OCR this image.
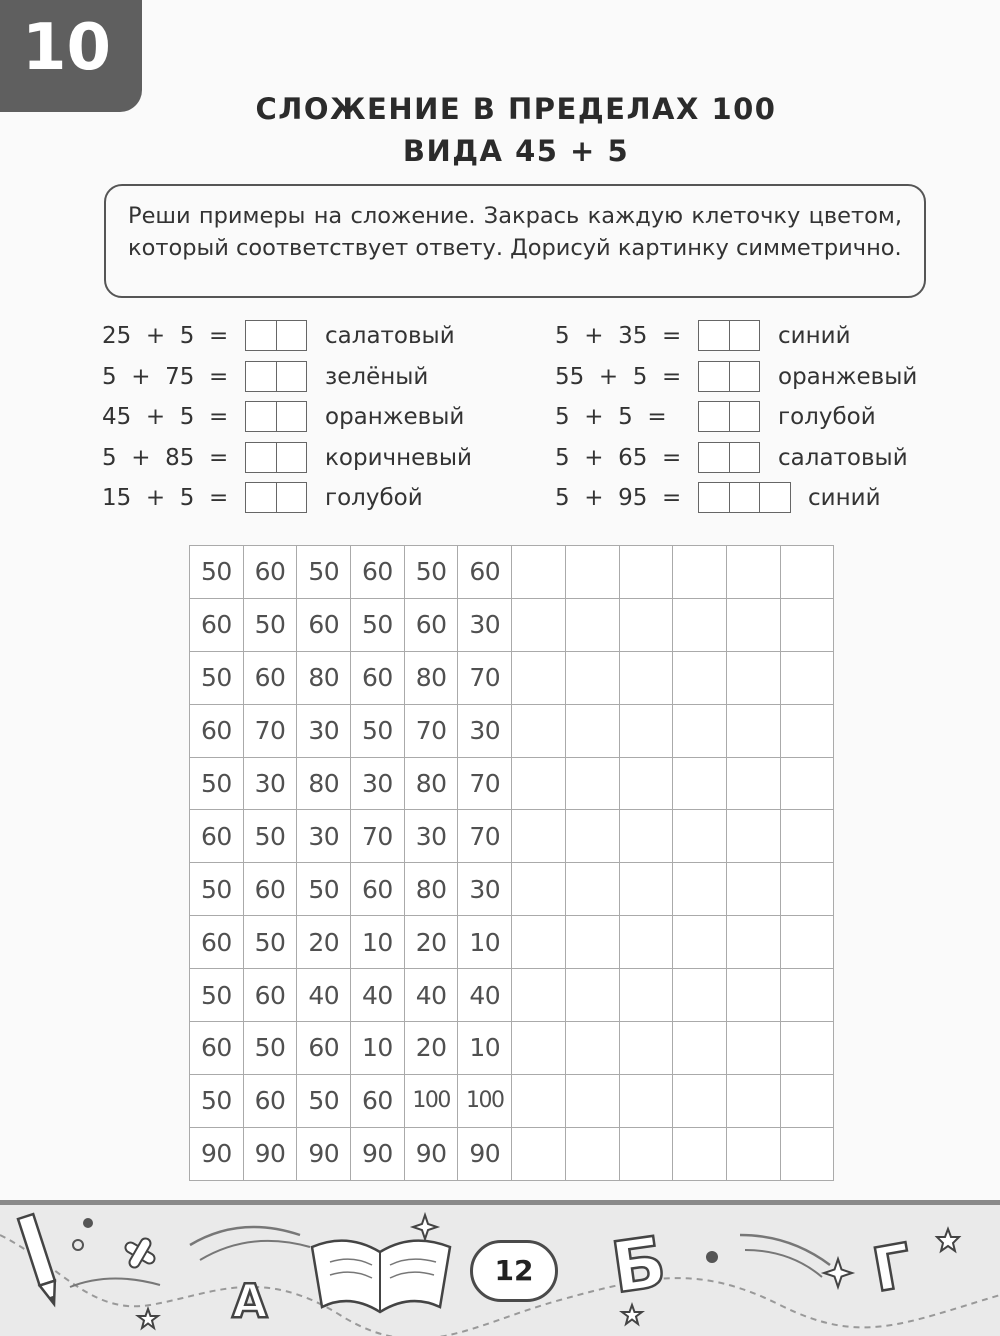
10
СЛОЖЕНИЕ В ПРЕДЕЛАХ 100
ВИДА 45 + 5
Реши примеры на сложение. Закрась каждую клеточку цветом, который соответствует ответу. Дорисуй картинку симметрично.
25  +  5  =	салатовый
5  +  75  =	зелёный
45  +  5  =	оранжевый
5  +  85  =	коричневый
15  +  5  =	голубой
5  +  35  =	синий
55  +  5  =	оранжевый
5  +  5  =	голубой
5  +  65  =	салатовый
5  +  95  =	синий
50	60	50	60	50	60						
60	50	60	50	60	30						
50	60	80	60	80	70						
60	70	30	50	70	30						
50	30	80	30	80	70						
60	50	30	70	30	70						
50	60	50	60	80	30						
60	50	20	10	20	10						
50	60	40	40	40	40						
60	50	60	10	20	10						
50	60	50	60	100	100						
90	90	90	90	90	90						
А	Б	Г
12
